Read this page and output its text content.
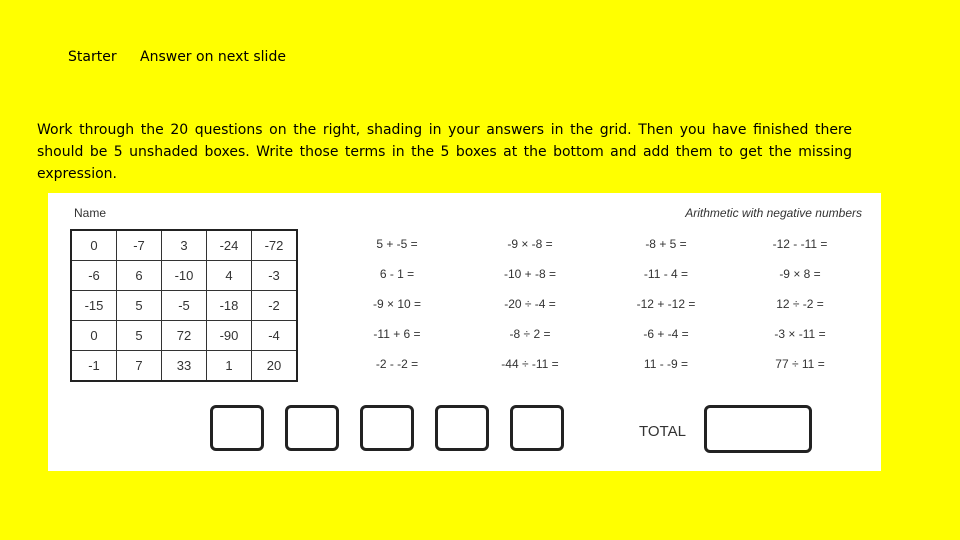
Starter Answer on next slide
Work through the 20 questions on the right, shading in your answers in the grid. Then you have finished there should be 5 unshaded boxes. Write those terms in the 5 boxes at the bottom and add them to get the missing expression.
Name	Arithmetic with negative numbers
0	-7	3	-24	-72
-6	6	-10	4	-3
-15	5	-5	-18	-2
0	5	72	-90	-4
-1	7	33	1	20
5 + -5 =	-9 × -8 =	-8 + 5 =	-12 - -11 =
6 - 1 =	-10 + -8 =	-11 - 4 =	-9 × 8 =
-9 × 10 =	-20 ÷ -4 =	-12 + -12 =	12 ÷ -2 =
-11 + 6 =	-8 ÷ 2 =	-6 + -4 =	-3 × -11 =
-2 - -2 =	-44 ÷ -11 =	11 - -9 =	77 ÷ 11 =
TOTAL
